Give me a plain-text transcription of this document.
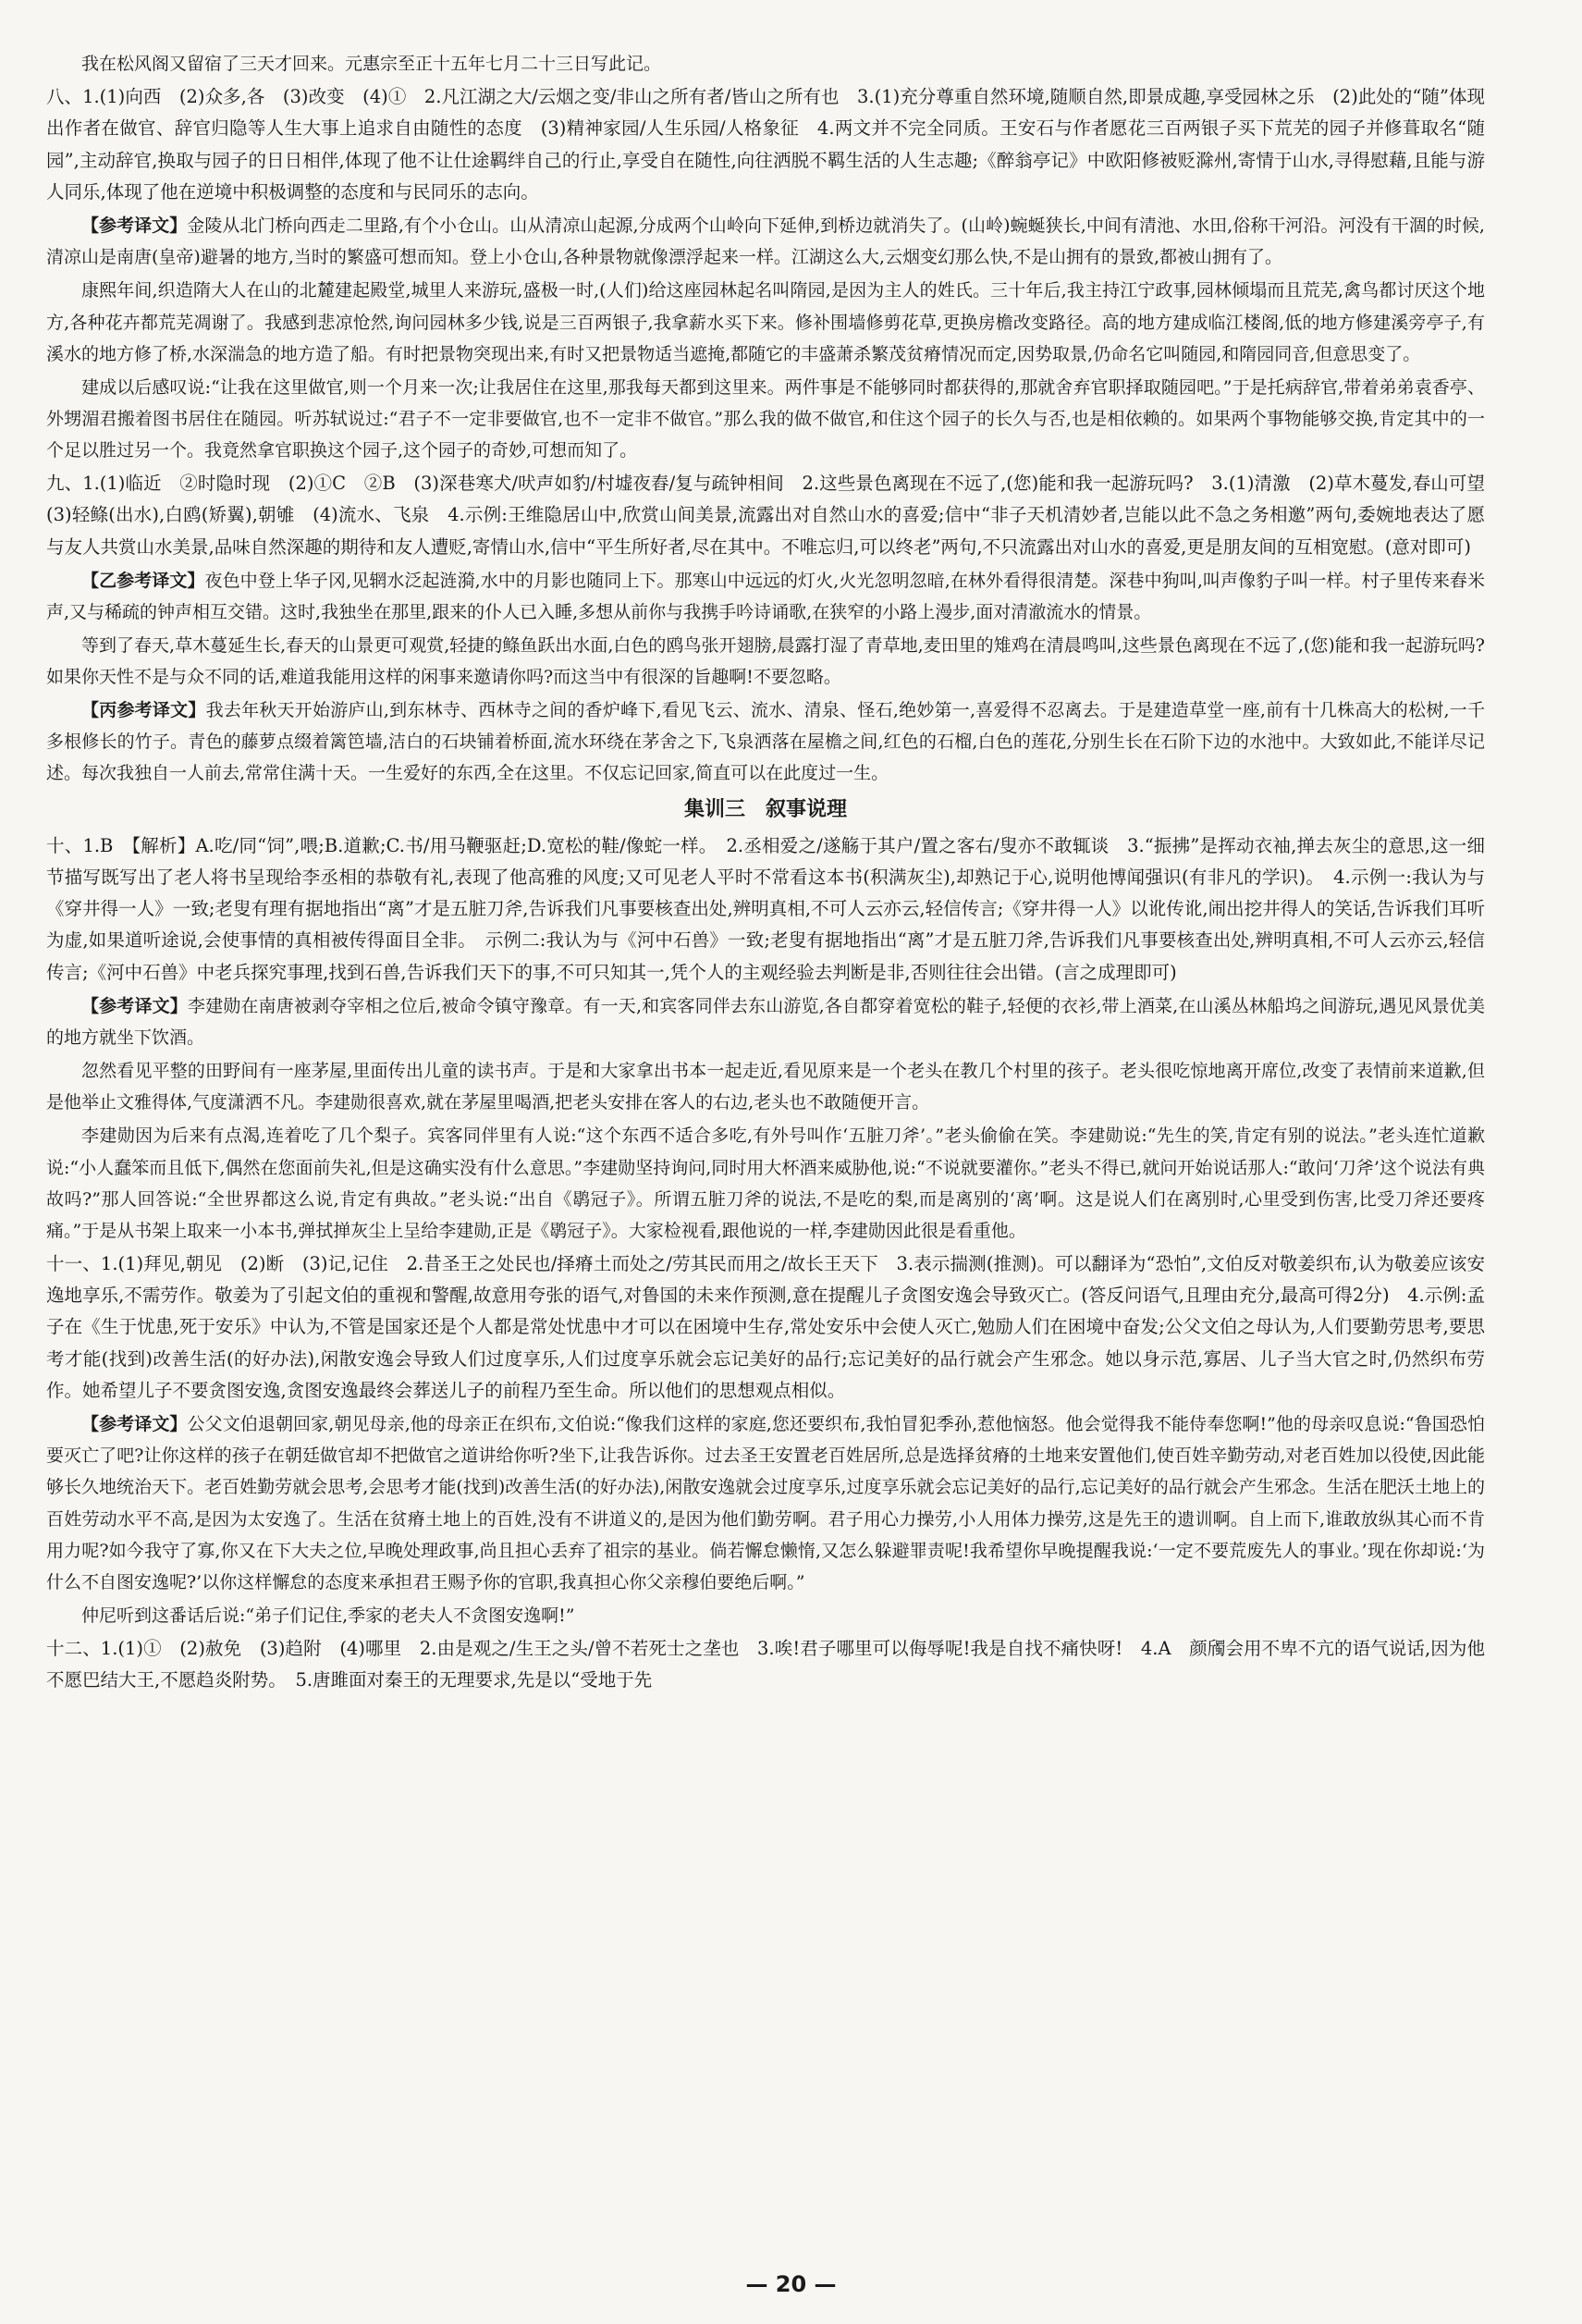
我在松风阁又留宿了三天才回来。元惠宗至正十五年七月二十三日写此记。

八、1.(1)向西　(2)众多,各　(3)改变　(4)①　2.凡江湖之大/云烟之变/非山之所有者/皆山之所有也　3.(1)充分尊重自然环境,随顺自然,即景成趣,享受园林之乐　(2)此处的“随”体现出作者在做官、辞官归隐等人生大事上追求自由随性的态度　(3)精神家园/人生乐园/人格象征　4.两文并不完全同质。王安石与作者愿花三百两银子买下荒芜的园子并修葺取名“随园”,主动辞官,换取与园子的日日相伴,体现了他不让仕途羁绊自己的行止,享受自在随性,向往洒脱不羁生活的人生志趣;《醉翁亭记》中欧阳修被贬滁州,寄情于山水,寻得慰藉,且能与游人同乐,体现了他在逆境中积极调整的态度和与民同乐的志向。

【参考译文】金陵从北门桥向西走二里路,有个小仓山。山从清凉山起源,分成两个山岭向下延伸,到桥边就消失了。(山岭)蜿蜒狭长,中间有清池、水田,俗称干河沿。河没有干涸的时候,清凉山是南唐(皇帝)避暑的地方,当时的繁盛可想而知。登上小仓山,各种景物就像漂浮起来一样。江湖这么大,云烟变幻那么快,不是山拥有的景致,都被山拥有了。

康熙年间,织造隋大人在山的北麓建起殿堂,城里人来游玩,盛极一时,(人们)给这座园林起名叫隋园,是因为主人的姓氏。三十年后,我主持江宁政事,园林倾塌而且荒芜,禽鸟都讨厌这个地方,各种花卉都荒芜凋谢了。我感到悲凉怆然,询问园林多少钱,说是三百两银子,我拿薪水买下来。修补围墙修剪花草,更换房檐改变路径。高的地方建成临江楼阁,低的地方修建溪旁亭子,有溪水的地方修了桥,水深湍急的地方造了船。有时把景物突现出来,有时又把景物适当遮掩,都随它的丰盛萧杀繁茂贫瘠情况而定,因势取景,仍命名它叫随园,和隋园同音,但意思变了。

建成以后感叹说:“让我在这里做官,则一个月来一次;让我居住在这里,那我每天都到这里来。两件事是不能够同时都获得的,那就舍弃官职择取随园吧。”于是托病辞官,带着弟弟袁香亭、外甥湄君搬着图书居住在随园。听苏轼说过:“君子不一定非要做官,也不一定非不做官。”那么我的做不做官,和住这个园子的长久与否,也是相依赖的。如果两个事物能够交换,肯定其中的一个足以胜过另一个。我竟然拿官职换这个园子,这个园子的奇妙,可想而知了。

九、1.(1)临近　②时隐时现　(2)①C　②B　(3)深巷寒犬/吠声如豹/村墟夜舂/复与疏钟相间　2.这些景色离现在不远了,(您)能和我一起游玩吗?　3.(1)清激　(2)草木蔓发,春山可望　(3)轻鲦(出水),白鸥(矫翼),朝雊　(4)流水、飞泉　4.示例:王维隐居山中,欣赏山间美景,流露出对自然山水的喜爱;信中“非子天机清妙者,岂能以此不急之务相邀”两句,委婉地表达了愿与友人共赏山水美景,品味自然深趣的期待和友人遭贬,寄情山水,信中“平生所好者,尽在其中。不唯忘归,可以终老”两句,不只流露出对山水的喜爱,更是朋友间的互相宽慰。(意对即可)

【乙参考译文】夜色中登上华子冈,见辋水泛起涟漪,水中的月影也随同上下。那寒山中远远的灯火,火光忽明忽暗,在林外看得很清楚。深巷中狗叫,叫声像豹子叫一样。村子里传来舂米声,又与稀疏的钟声相互交错。这时,我独坐在那里,跟来的仆人已入睡,多想从前你与我携手吟诗诵歌,在狭窄的小路上漫步,面对清澈流水的情景。

等到了春天,草木蔓延生长,春天的山景更可观赏,轻捷的鲦鱼跃出水面,白色的鸥鸟张开翅膀,晨露打湿了青草地,麦田里的雉鸡在清晨鸣叫,这些景色离现在不远了,(您)能和我一起游玩吗?如果你天性不是与众不同的话,难道我能用这样的闲事来邀请你吗?而这当中有很深的旨趣啊!不要忽略。

【丙参考译文】我去年秋天开始游庐山,到东林寺、西林寺之间的香炉峰下,看见飞云、流水、清泉、怪石,绝妙第一,喜爱得不忍离去。于是建造草堂一座,前有十几株高大的松树,一千多根修长的竹子。青色的藤萝点缀着篱笆墙,洁白的石块铺着桥面,流水环绕在茅舍之下,飞泉洒落在屋檐之间,红色的石榴,白色的莲花,分别生长在石阶下边的水池中。大致如此,不能详尽记述。每次我独自一人前去,常常住满十天。一生爱好的东西,全在这里。不仅忘记回家,简直可以在此度过一生。

集训三　叙事说理

十、1.B　【解析】A.吃/同“饲”,喂;B.道歉;C.书/用马鞭驱赶;D.宽松的鞋/像蛇一样。　2.丞相爱之/遂觞于其户/置之客右/叟亦不敢辄谈　3.“振拂”是挥动衣袖,掸去灰尘的意思,这一细节描写既写出了老人将书呈现给李丞相的恭敬有礼,表现了他高雅的风度;又可见老人平时不常看这本书(积满灰尘),却熟记于心,说明他博闻强识(有非凡的学识)。　4.示例一:我认为与《穿井得一人》一致;老叟有理有据地指出“离”才是五脏刀斧,告诉我们凡事要核查出处,辨明真相,不可人云亦云,轻信传言;《穿井得一人》以讹传讹,闹出挖井得人的笑话,告诉我们耳听为虚,如果道听途说,会使事情的真相被传得面目全非。　示例二:我认为与《河中石兽》一致;老叟有据地指出“离”才是五脏刀斧,告诉我们凡事要核查出处,辨明真相,不可人云亦云,轻信传言;《河中石兽》中老兵探究事理,找到石兽,告诉我们天下的事,不可只知其一,凭个人的主观经验去判断是非,否则往往会出错。(言之成理即可)

【参考译文】李建勋在南唐被剥夺宰相之位后,被命令镇守豫章。有一天,和宾客同伴去东山游览,各自都穿着宽松的鞋子,轻便的衣衫,带上酒菜,在山溪丛林船坞之间游玩,遇见风景优美的地方就坐下饮酒。

忽然看见平整的田野间有一座茅屋,里面传出儿童的读书声。于是和大家拿出书本一起走近,看见原来是一个老头在教几个村里的孩子。老头很吃惊地离开席位,改变了表情前来道歉,但是他举止文雅得体,气度潇洒不凡。李建勋很喜欢,就在茅屋里喝酒,把老头安排在客人的右边,老头也不敢随便开言。

李建勋因为后来有点渴,连着吃了几个梨子。宾客同伴里有人说:“这个东西不适合多吃,有外号叫作‘五脏刀斧’。”老头偷偷在笑。李建勋说:“先生的笑,肯定有别的说法。”老头连忙道歉说:“小人蠢笨而且低下,偶然在您面前失礼,但是这确实没有什么意思。”李建勋坚持询问,同时用大杯酒来威胁他,说:“不说就要灌你。”老头不得已,就问开始说话那人:“敢问‘刀斧’这个说法有典故吗?”那人回答说:“全世界都这么说,肯定有典故。”老头说:“出自《鹖冠子》。所谓五脏刀斧的说法,不是吃的梨,而是离别的‘离’啊。这是说人们在离别时,心里受到伤害,比受刀斧还要疼痛。”于是从书架上取来一小本书,弹拭掸灰尘上呈给李建勋,正是《鹖冠子》。大家检视看,跟他说的一样,李建勋因此很是看重他。

十一、1.(1)拜见,朝见　(2)断　(3)记,记住　2.昔圣王之处民也/择瘠土而处之/劳其民而用之/故长王天下　3.表示揣测(推测)。可以翻译为“恐怕”,文伯反对敬姜织布,认为敬姜应该安逸地享乐,不需劳作。敬姜为了引起文伯的重视和警醒,故意用夸张的语气,对鲁国的未来作预测,意在提醒儿子贪图安逸会导致灭亡。(答反问语气,且理由充分,最高可得2分)　4.示例:孟子在《生于忧患,死于安乐》中认为,不管是国家还是个人都是常处忧患中才可以在困境中生存,常处安乐中会使人灭亡,勉励人们在困境中奋发;公父文伯之母认为,人们要勤劳思考,要思考才能(找到)改善生活(的好办法),闲散安逸会导致人们过度享乐,人们过度享乐就会忘记美好的品行;忘记美好的品行就会产生邪念。她以身示范,寡居、儿子当大官之时,仍然织布劳作。她希望儿子不要贪图安逸,贪图安逸最终会葬送儿子的前程乃至生命。所以他们的思想观点相似。

【参考译文】公父文伯退朝回家,朝见母亲,他的母亲正在织布,文伯说:“像我们这样的家庭,您还要织布,我怕冒犯季孙,惹他恼怒。他会觉得我不能侍奉您啊!”他的母亲叹息说:“鲁国恐怕要灭亡了吧?让你这样的孩子在朝廷做官却不把做官之道讲给你听?坐下,让我告诉你。过去圣王安置老百姓居所,总是选择贫瘠的土地来安置他们,使百姓辛勤劳动,对老百姓加以役使,因此能够长久地统治天下。老百姓勤劳就会思考,会思考才能(找到)改善生活(的好办法),闲散安逸就会过度享乐,过度享乐就会忘记美好的品行,忘记美好的品行就会产生邪念。生活在肥沃土地上的百姓劳动水平不高,是因为太安逸了。生活在贫瘠土地上的百姓,没有不讲道义的,是因为他们勤劳啊。君子用心力操劳,小人用体力操劳,这是先王的遗训啊。自上而下,谁敢放纵其心而不肯用力呢?如今我守了寡,你又在下大夫之位,早晚处理政事,尚且担心丢弃了祖宗的基业。倘若懈怠懒惰,又怎么躲避罪责呢!我希望你早晚提醒我说:‘一定不要荒废先人的事业。’现在你却说:‘为什么不自图安逸呢?’以你这样懈怠的态度来承担君王赐予你的官职,我真担心你父亲穆伯要绝后啊。”

仲尼听到这番话后说:“弟子们记住,季家的老夫人不贪图安逸啊!”

十二、1.(1)①　(2)赦免　(3)趋附　(4)哪里　2.由是观之/生王之头/曾不若死士之垄也　3.唉!君子哪里可以侮辱呢!我是自找不痛快呀!　4.A　颜斶会用不卑不亢的语气说话,因为他不愿巴结大王,不愿趋炎附势。　5.唐雎面对秦王的无理要求,先是以“受地于先

— 20 —
